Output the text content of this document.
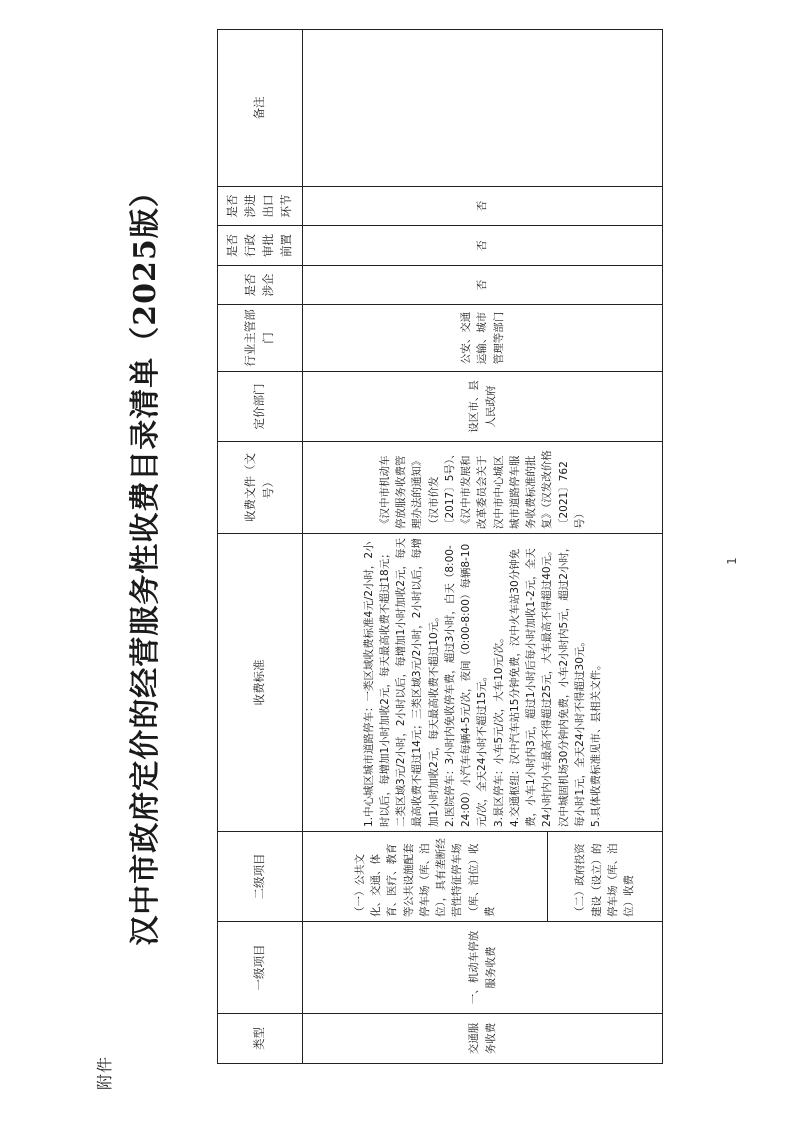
附件
汉中市政府定价的经营服务性收费目录清单（2025版）
类型	一级项目	二级项目	收费标准	收费文件（文号）	定价部门	行业主管部门	是否涉企	是否行政审批前置	是否涉进出口环节	备注
交通服务收费	一、机动车停放服务收费	（一）公共文化、交通、体育、医疗、教育等公共设施配套停车场（库、泊位），具有垄断经营性特征停车场（库、泊位）收费	1.中心城区城市道路停车：一类区域收费标准4元/2小时，2小时以后，每增加1小时加收2元，每天最高收费不超过18元；二类区域3元/2小时，2小时以后，每增加1小时加收2元，每天最高收费不超过14元；三类区域3元/2小时，2小时以后，每增加1小时加收2元，每天最高收费不超过10元。 2.医院停车：3小时内免收停车费，超过3小时，白天（8:00-24:00）小汽车每辆4-5元/次，夜间（0:00-8:00）每辆8-10元/次，全天24小时不超过15元。 3.景区停车：小车5元/次，大车10元/次。 4.交通枢纽：汉中汽车站15分钟免费，汉中火车站30分钟免费，小车1小时内3元，超过1小时后每小时加收1-2元，全天24小时内小车最高不得超过25元，大车最高不得超过40元。汉中城固机场30分钟内免费，小车2小时内5元，超过2小时，每小时1元，全天24小时不得超过30元。 5.具体收费标准见市、县相关文件。	《汉中市机动车停放服务收费管理办法的通知》（汉市价发〔2017〕5号）、《汉中市发展和改革委员会关于汉中市中心城区城市道路停车服务收费标准的批复》（汉发改价格〔2021〕762号）	设区市、县人民政府	公安、交通运输、城市管理等部门	否	否	否	
		（二）政府投资建设（设立）的停车场（库、泊位）收费								
1
